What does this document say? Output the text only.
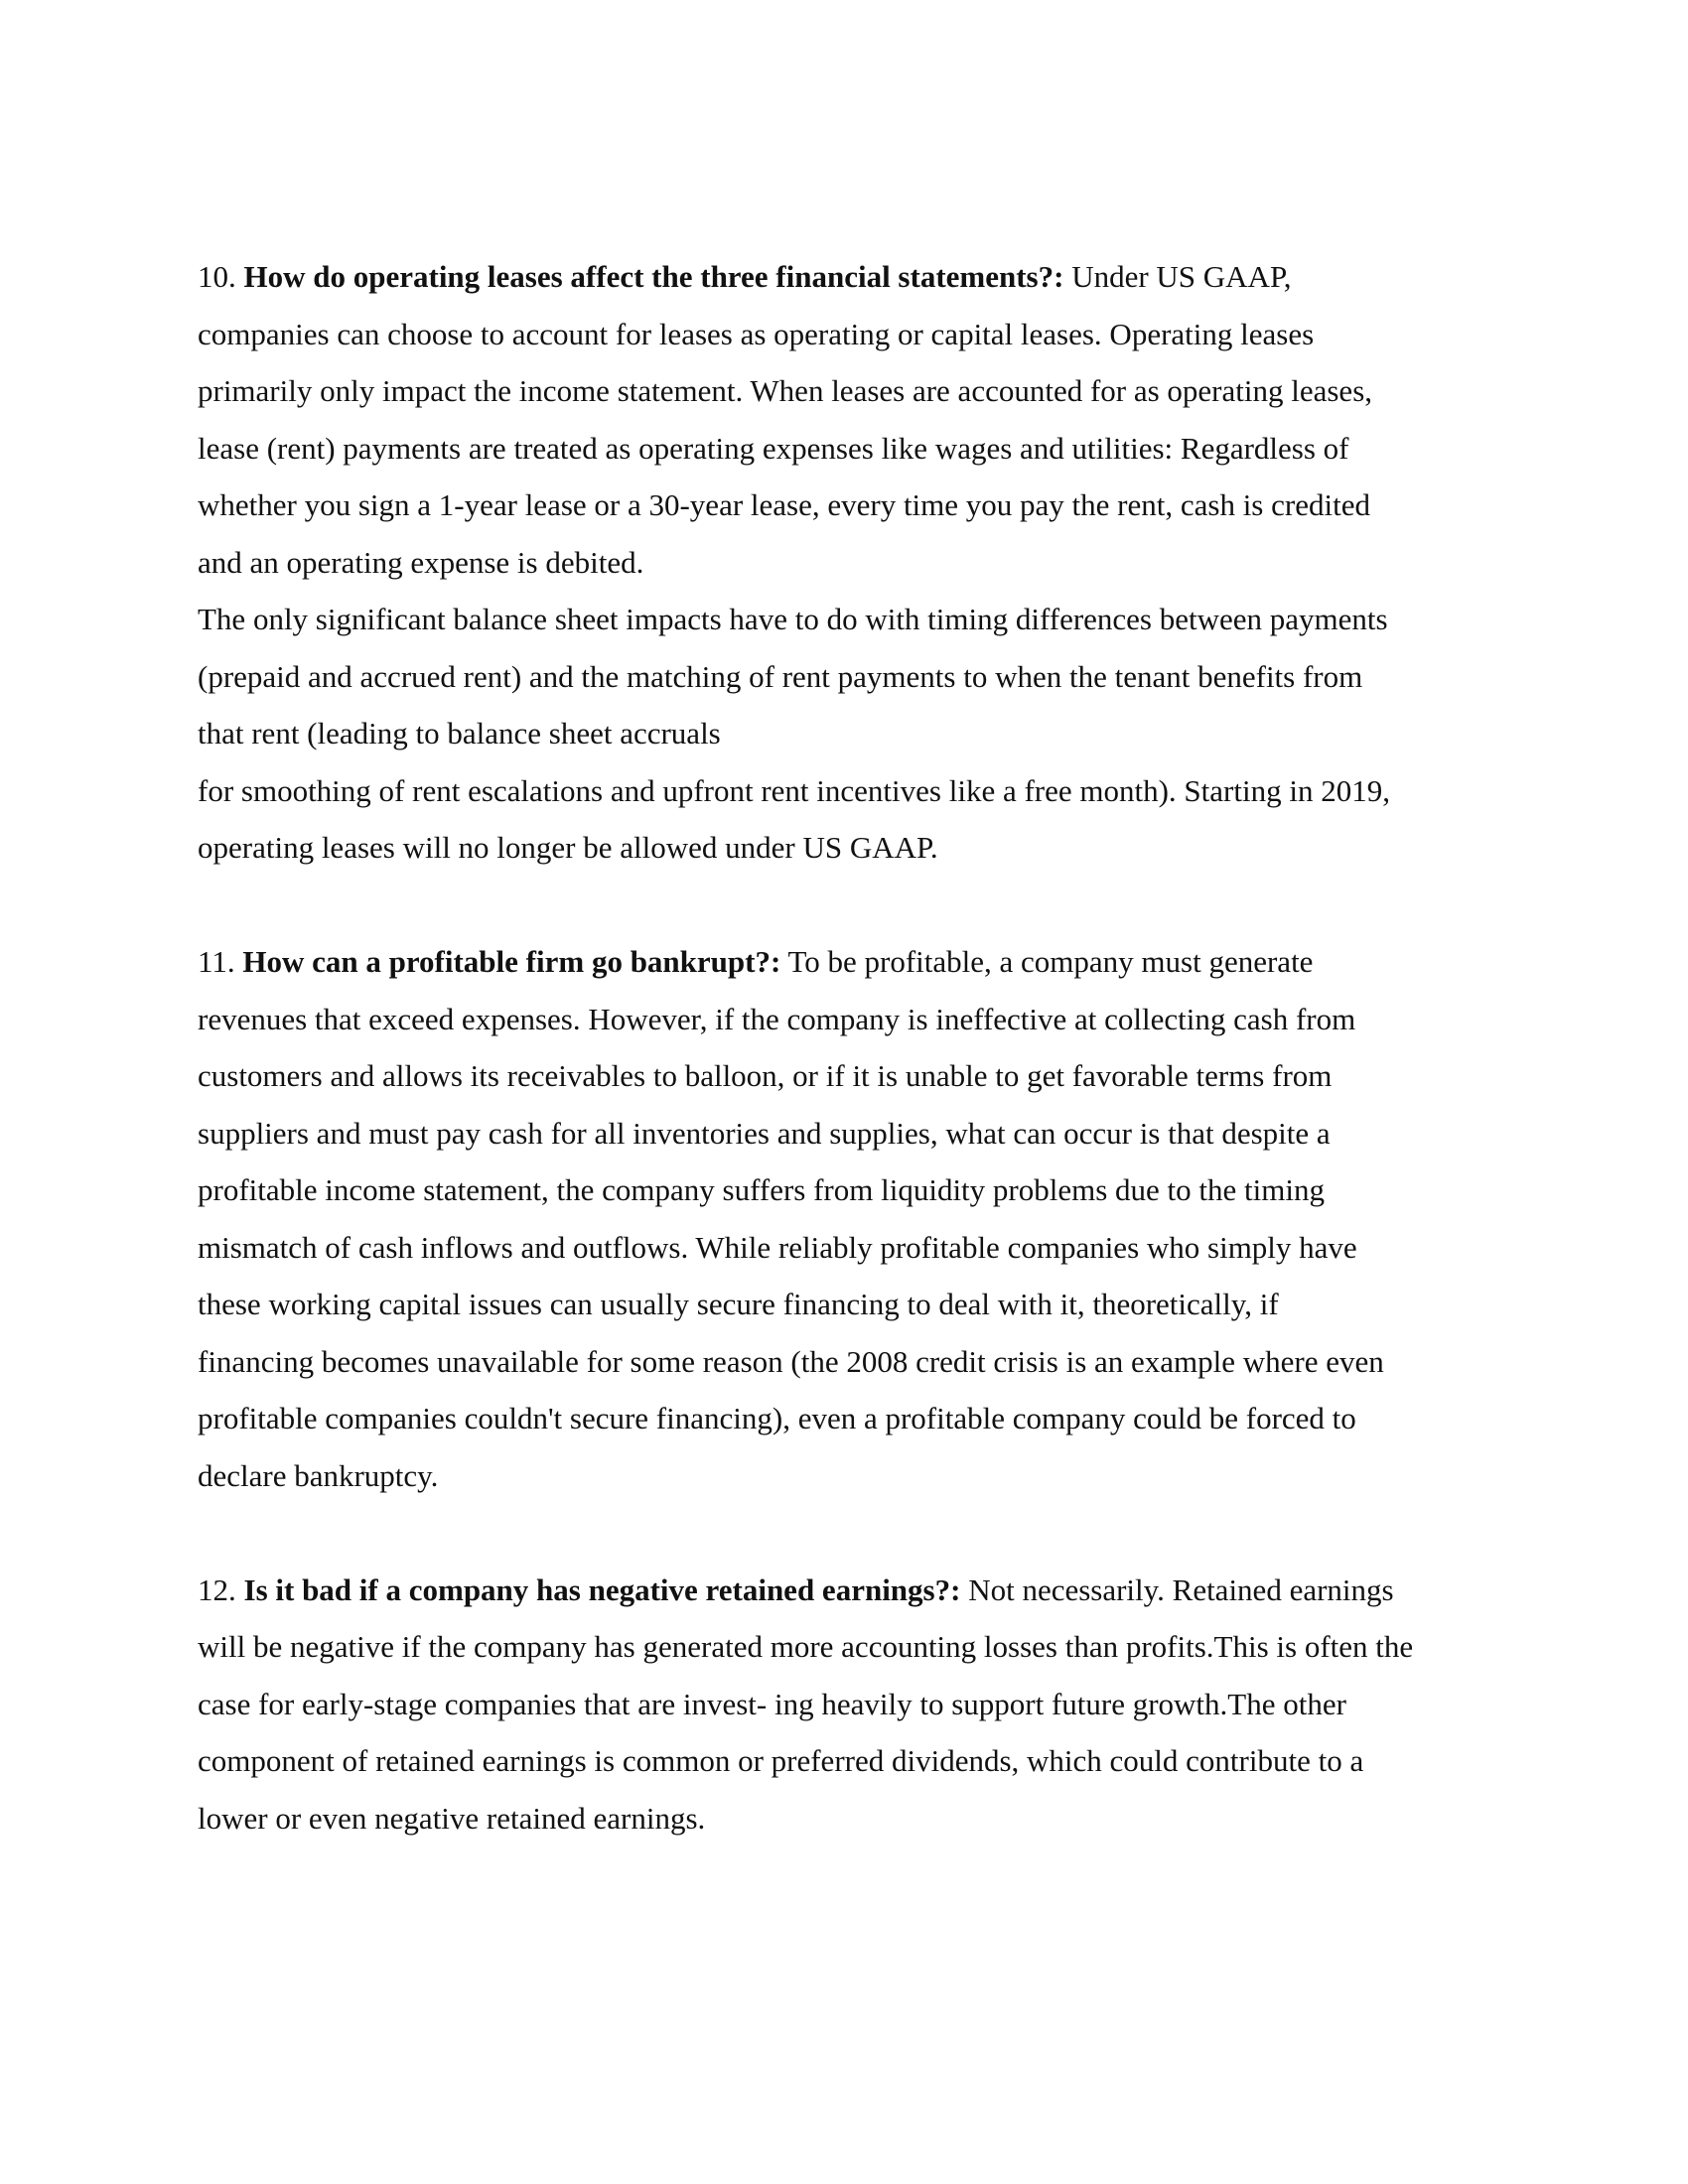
10. How do operating leases affect the three financial statements?: Under US GAAP,
companies can choose to account for leases as operating or capital leases. Operating leases
primarily only impact the income statement. When leases are accounted for as operating leases,
lease (rent) payments are treated as operating expenses like wages and utilities: Regardless of
whether you sign a 1-year lease or a 30-year lease, every time you pay the rent, cash is credited
and an operating expense is debited.
The only significant balance sheet impacts have to do with timing differences between payments
(prepaid and accrued rent) and the matching of rent payments to when the tenant benefits from
that rent (leading to balance sheet accruals
for smoothing of rent escalations and upfront rent incentives like a free month). Starting in 2019,
operating leases will no longer be allowed under US GAAP.
11. How can a profitable firm go bankrupt?: To be profitable, a company must generate
revenues that exceed expenses. However, if the company is ineffective at collecting cash from
customers and allows its receivables to balloon, or if it is unable to get favorable terms from
suppliers and must pay cash for all inventories and supplies, what can occur is that despite a
profitable income statement, the company suffers from liquidity problems due to the timing
mismatch of cash inflows and outflows. While reliably profitable companies who simply have
these working capital issues can usually secure financing to deal with it, theoretically, if
financing becomes unavailable for some reason (the 2008 credit crisis is an example where even
profitable companies couldn't secure financing), even a profitable company could be forced to
declare bankruptcy.
12. Is it bad if a company has negative retained earnings?: Not necessarily. Retained earnings
will be negative if the company has generated more accounting losses than profits.This is often the
case for early-stage companies that are invest- ing heavily to support future growth.The other
component of retained earnings is common or preferred dividends, which could contribute to a
lower or even negative retained earnings.
